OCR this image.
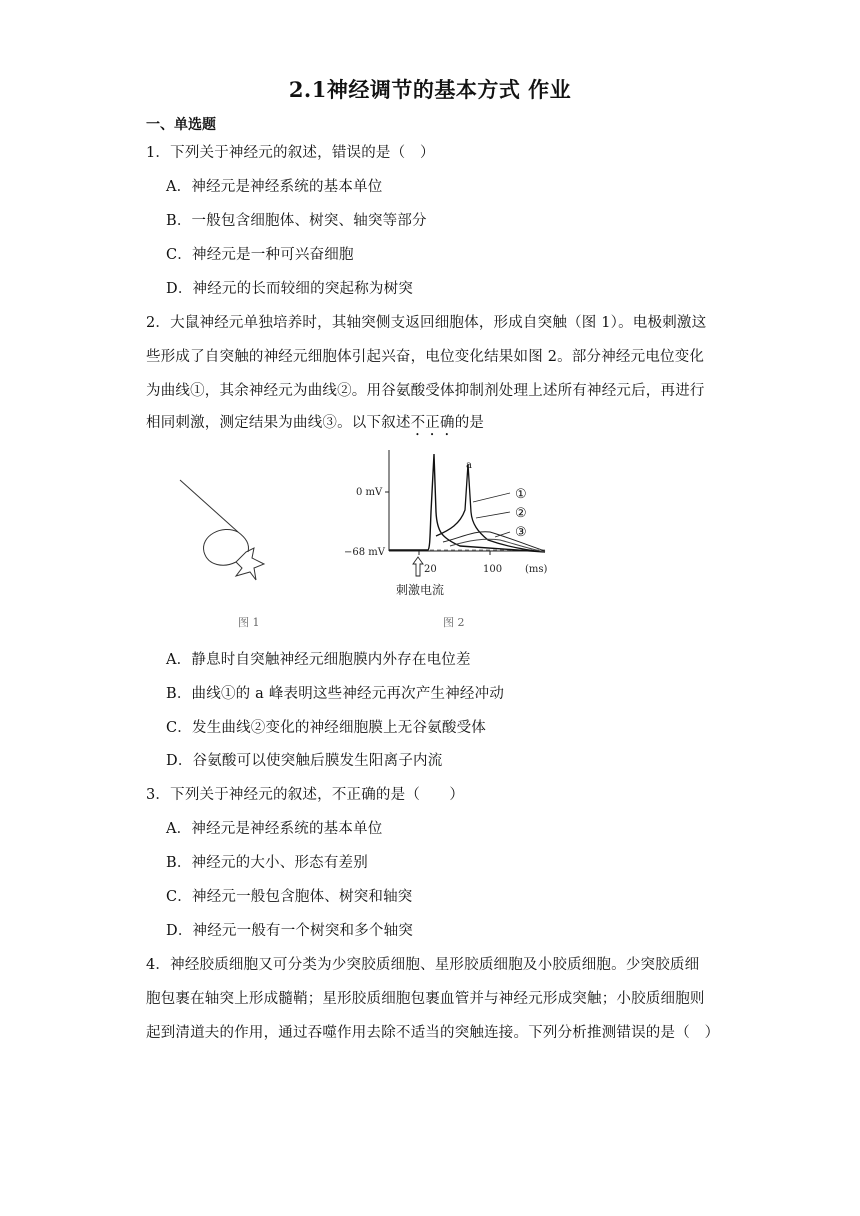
2.1神经调节的基本方式 作业
一、单选题
1．下列关于神经元的叙述，错误的是（　）
A．神经元是神经系统的基本单位
B．一般包含细胞体、树突、轴突等部分
C．神经元是一种可兴奋细胞
D．神经元的长而较细的突起称为树突
2．大鼠神经元单独培养时，其轴突侧支返回细胞体，形成自突触（图 1）。电极刺激这
些形成了自突触的神经元细胞体引起兴奋，电位变化结果如图 2。部分神经元电位变化
为曲线①，其余神经元为曲线②。用谷氨酸受体抑制剂处理上述所有神经元后，再进行
相同刺激，测定结果为曲线③。以下叙述不正确的是
0 mV
−68 mV
a
20	100 (ms)
①
②
③
刺激电流
图 1	图 2
A．静息时自突触神经元细胞膜内外存在电位差
B．曲线①的 a 峰表明这些神经元再次产生神经冲动
C．发生曲线②变化的神经细胞膜上无谷氨酸受体
D．谷氨酸可以使突触后膜发生阳离子内流
3．下列关于神经元的叙述，不正确的是（　　）
A．神经元是神经系统的基本单位
B．神经元的大小、形态有差别
C．神经元一般包含胞体、树突和轴突
D．神经元一般有一个树突和多个轴突
4．神经胶质细胞又可分类为少突胶质细胞、星形胶质细胞及小胶质细胞。少突胶质细
胞包裹在轴突上形成髓鞘；星形胶质细胞包裹血管并与神经元形成突触；小胶质细胞则
起到清道夫的作用，通过吞噬作用去除不适当的突触连接。下列分析推测错误的是（　）
